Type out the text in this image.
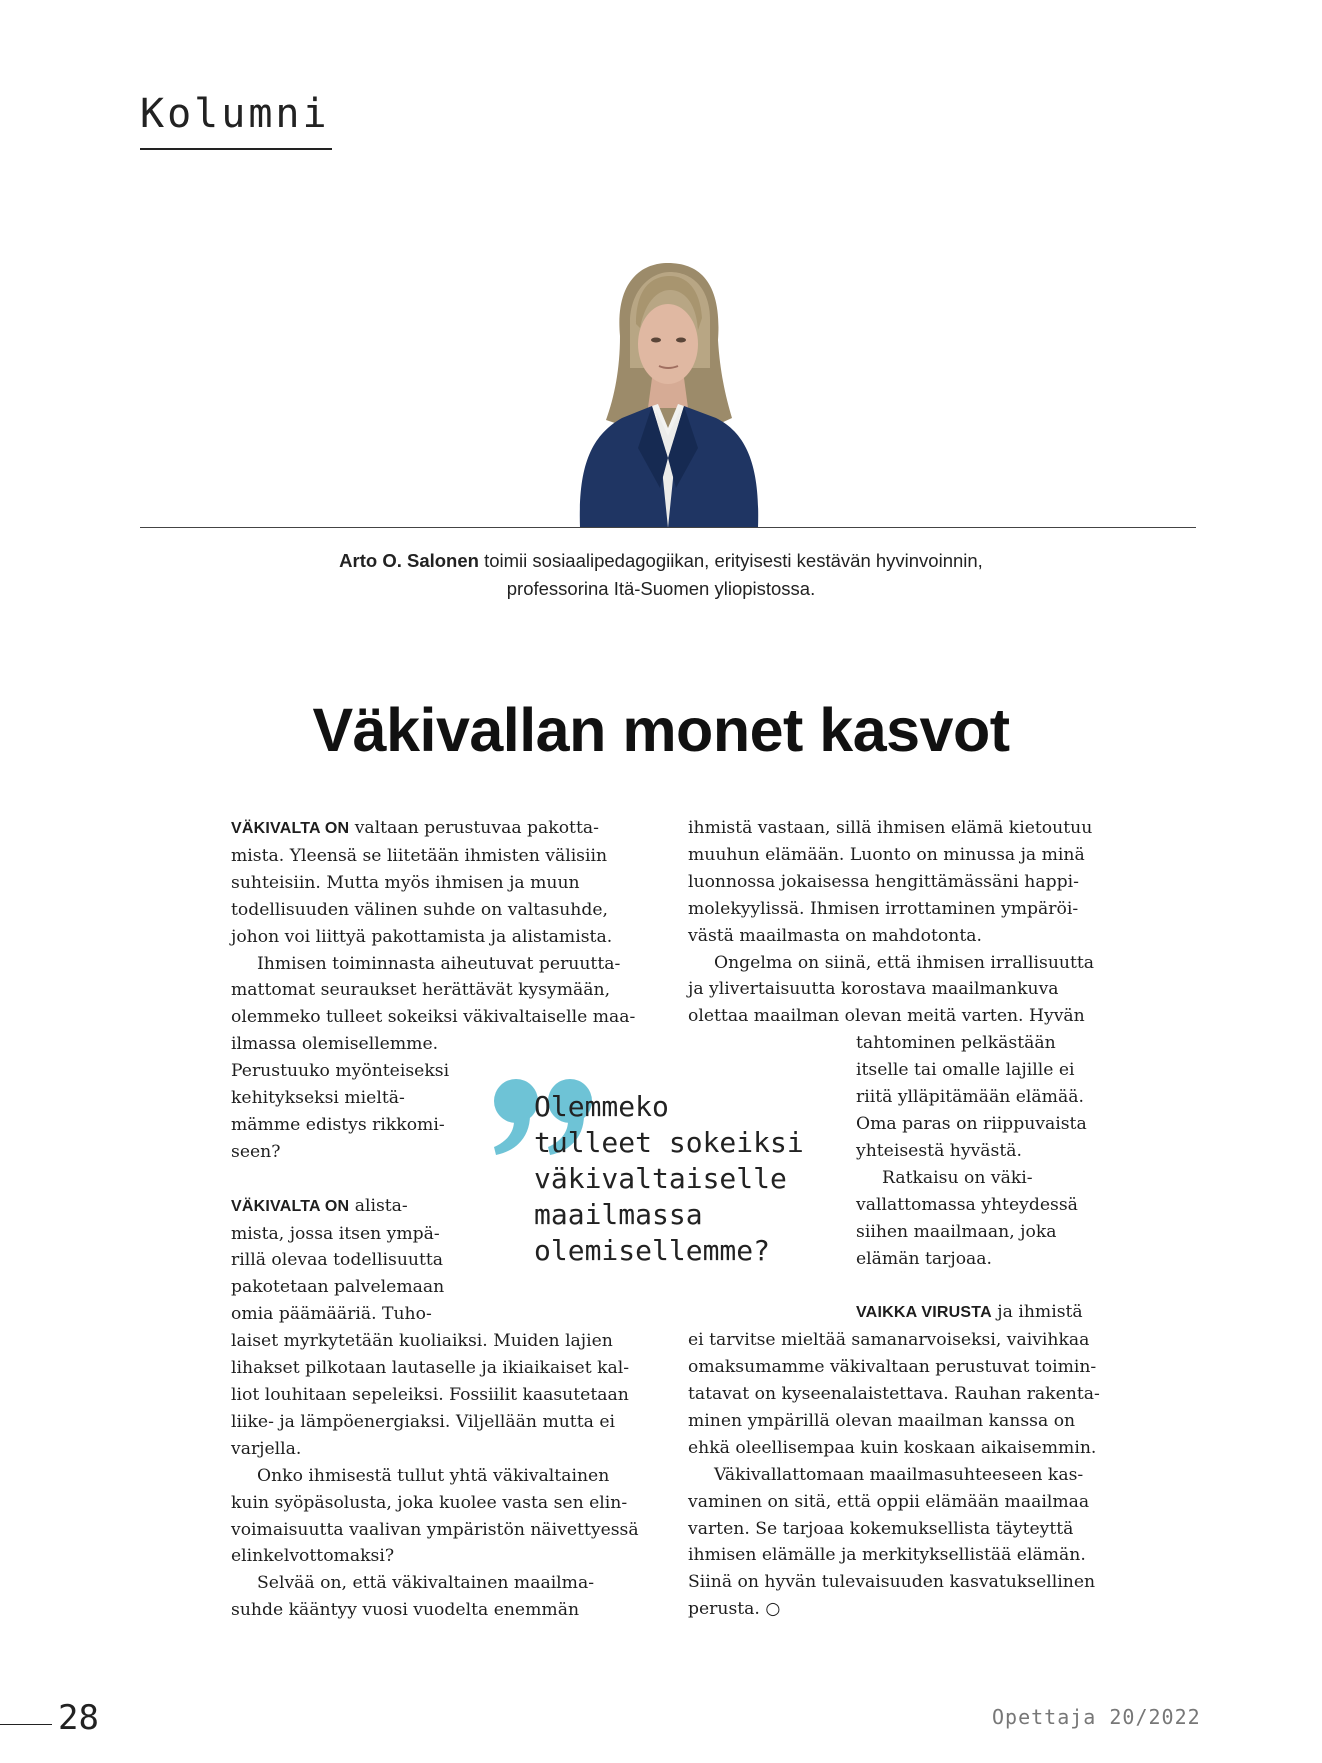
Kolumni

Arto O. Salonen toimii sosiaalipedagogiikan, erityisesti kestävän hyvinvoinnin,
professorina Itä-Suomen yliopistossa.

Väkivallan monet kasvot

VÄKIVALTA ON valtaan perustuvaa pakotta-
mista. Yleensä se liitetään ihmisten välisiin
suhteisiin. Mutta myös ihmisen ja muun
todellisuuden välinen suhde on valtasuhde,
johon voi liittyä pakottamista ja alistamista.

Ihmisen toiminnasta aiheutuvat peruutta-
mattomat seuraukset herättävät kysymään,
olemmeko tulleet sokeiksi väkivaltaiselle maa-
ilmassa olemisellemme.
Perustuuko myönteiseksi
kehitykseksi mieltä-
mämme edistys rikkomi-
seen?

VÄKIVALTA ON alista-
mista, jossa itsen ympä-
rillä olevaa todellisuutta
pakotetaan palvelemaan
omia päämääriä. Tuho-
laiset myrkytetään kuoliaiksi. Muiden lajien
lihakset pilkotaan lautaselle ja ikiaikaiset kal-
liot louhitaan sepeleiksi. Fossiilit kaasutetaan
liike- ja lämpöenergiaksi. Viljellään mutta ei
varjella.

Onko ihmisestä tullut yhtä väkivaltainen
kuin syöpäsolusta, joka kuolee vasta sen elin-
voimaisuutta vaalivan ympäristön näivettyessä
elinkelvottomaksi?

Selvää on, että väkivaltainen maailma-
suhde kääntyy vuosi vuodelta enemmän

ihmistä vastaan, sillä ihmisen elämä kietoutuu
muuhun elämään. Luonto on minussa ja minä
luonnossa jokaisessa hengittämässäni happi-
molekyylissä. Ihmisen irrottaminen ympäröi-
västä maailmasta on mahdotonta.

Ongelma on siinä, että ihmisen irrallisuutta
ja ylivertaisuutta korostava maailmankuva
olettaa maailman olevan meitä varten. Hyvän
tahtominen pelkästään
itselle tai omalle lajille ei
riitä ylläpitämään elämää.
Oma paras on riippuvaista
yhteisestä hyvästä.

Ratkaisu on väki-
vallattomassa yhteydessä
siihen maailmaan, joka
elämän tarjoaa.

VAIKKA VIRUSTA ja ihmistä
ei tarvitse mieltää samanarvoiseksi, vaivihkaa
omaksumamme väkivaltaan perustuvat toimin-
tatavat on kyseenalaistettava. Rauhan rakenta-
minen ympärillä olevan maailman kanssa on
ehkä oleellisempaa kuin koskaan aikaisemmin.

Väkivallattomaan maailmasuhteeseen kas-
vaminen on sitä, että oppii elämään maailmaa
varten. Se tarjoaa kokemuksellista täyteyttä
ihmisen elämälle ja merkityksellistää elämän.
Siinä on hyvän tulevaisuuden kasvatuksellinen
perusta. ○

Olemmeko
tulleet sokeiksi
väkivaltaiselle
maailmassa
olemisellemme?

28	Opettaja 20/2022
